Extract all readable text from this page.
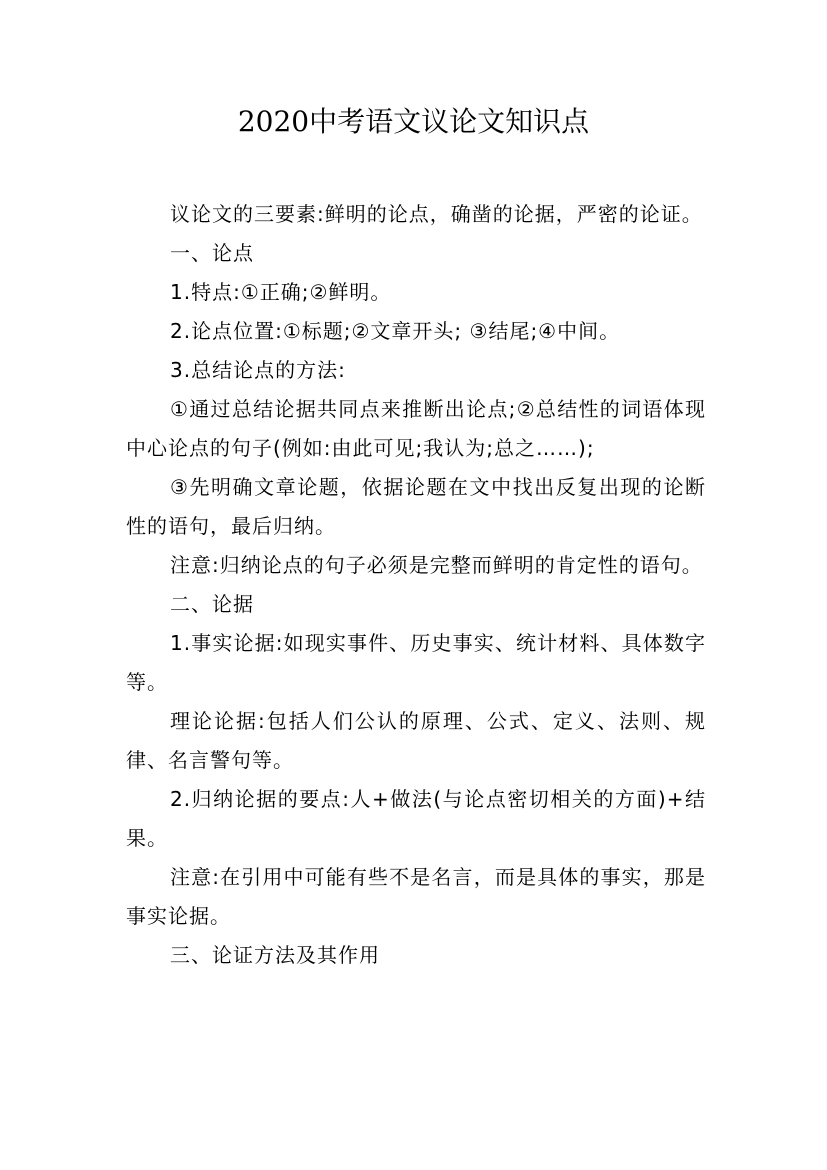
2020中考语文议论文知识点

议论文的三要素:鲜明的论点，确凿的论据，严密的论证。

一、论点

1.特点:①正确;②鲜明。

2.论点位置:①标题;②文章开头; ③结尾;④中间。

3.总结论点的方法:

①通过总结论据共同点来推断出论点;②总结性的词语体现中心论点的句子(例如:由此可见;我认为;总之……);

③先明确文章论题，依据论题在文中找出反复出现的论断性的语句，最后归纳。

注意:归纳论点的句子必须是完整而鲜明的肯定性的语句。

二、论据

1.事实论据:如现实事件、历史事实、统计材料、具体数字等。

理论论据:包括人们公认的原理、公式、定义、法则、规律、名言警句等。

2.归纳论据的要点:人+做法(与论点密切相关的方面)+结果。

注意:在引用中可能有些不是名言，而是具体的事实，那是事实论据。

三、论证方法及其作用
